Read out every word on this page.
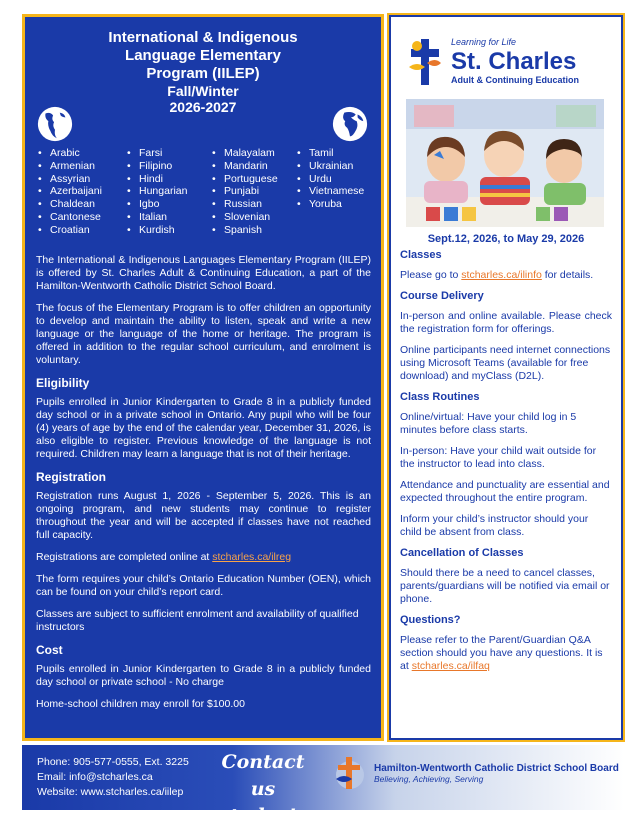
International & Indigenous
Language Elementary
Program (IILEP)
Fall/Winter
2026-2027
• Arabic
• Armenian
• Assyrian
• Azerbaijani
• Chaldean
• Cantonese
• Croatian
• Farsi
• Filipino
• Hindi
• Hungarian
• Igbo
• Italian
• Kurdish
• Malayalam
• Mandarin
• Portuguese
• Punjabi
• Russian
• Slovenian
• Spanish
• Tamil
• Ukrainian
• Urdu
• Vietnamese
• Yoruba

The International & Indigenous Languages Elementary Program (IILEP) is offered by St. Charles Adult & Continuing Education, a part of the Hamilton-Wentworth Catholic District School Board.

The focus of the Elementary Program is to offer children an opportunity to develop and maintain the ability to listen, speak and write a new language or the language of the home or heritage. The program is offered in addition to the regular school curriculum, and enrolment is voluntary.

Eligibility

Pupils enrolled in Junior Kindergarten to Grade 8 in a publicly funded day school or in a private school in Ontario. Any pupil who will be four (4) years of age by the end of the calendar year, December 31, 2026, is also eligible to register. Previous knowledge of the language is not required. Children may learn a language that is not of their heritage.

Registration

Registration runs August 1, 2026 - September 5, 2026. This is an ongoing program, and new students may continue to register throughout the year and will be accepted if classes have not reached full capacity.

Registrations are completed online at stcharles.ca/ilreg

The form requires your child’s Ontario Education Number (OEN), which can be found on your child’s report card.

Classes are subject to sufficient enrolment and availability of qualified instructors

Cost

Pupils enrolled in Junior Kindergarten to Grade 8 in a publicly funded day school or private school - No charge

Home-school children may enroll for $100.00

Learning for Life
St. Charles
Adult & Continuing Education
Sept.12, 2026, to May 29, 2026
Classes

Please go to stcharles.ca/ilinfo for details.

Course Delivery

In-person and online available. Please check the registration form for offerings.

Online participants need internet connections using Microsoft Teams (available for free download) and myClass (D2L).

Class Routines

Online/virtual: Have your child log in 5 minutes before class starts.

In-person: Have your child wait outside for the instructor to lead into class.

Attendance and punctuality are essential and expected throughout the entire program.

Inform your child’s instructor should your child be absent from class.

Cancellation of Classes

Should there be a need to cancel classes, parents/guardians will be notified via email or phone.

Questions?

Please refer to the Parent/Guardian Q&A section should you have any questions. It is at stcharles.ca/ilfaq

Phone: 905-577-0555, Ext. 3225
Email: info@stcharles.ca
Website: www.stcharles.ca/iilep
Contact us
today!
Hamilton-Wentworth Catholic District School Board
Believing, Achieving, Serving
